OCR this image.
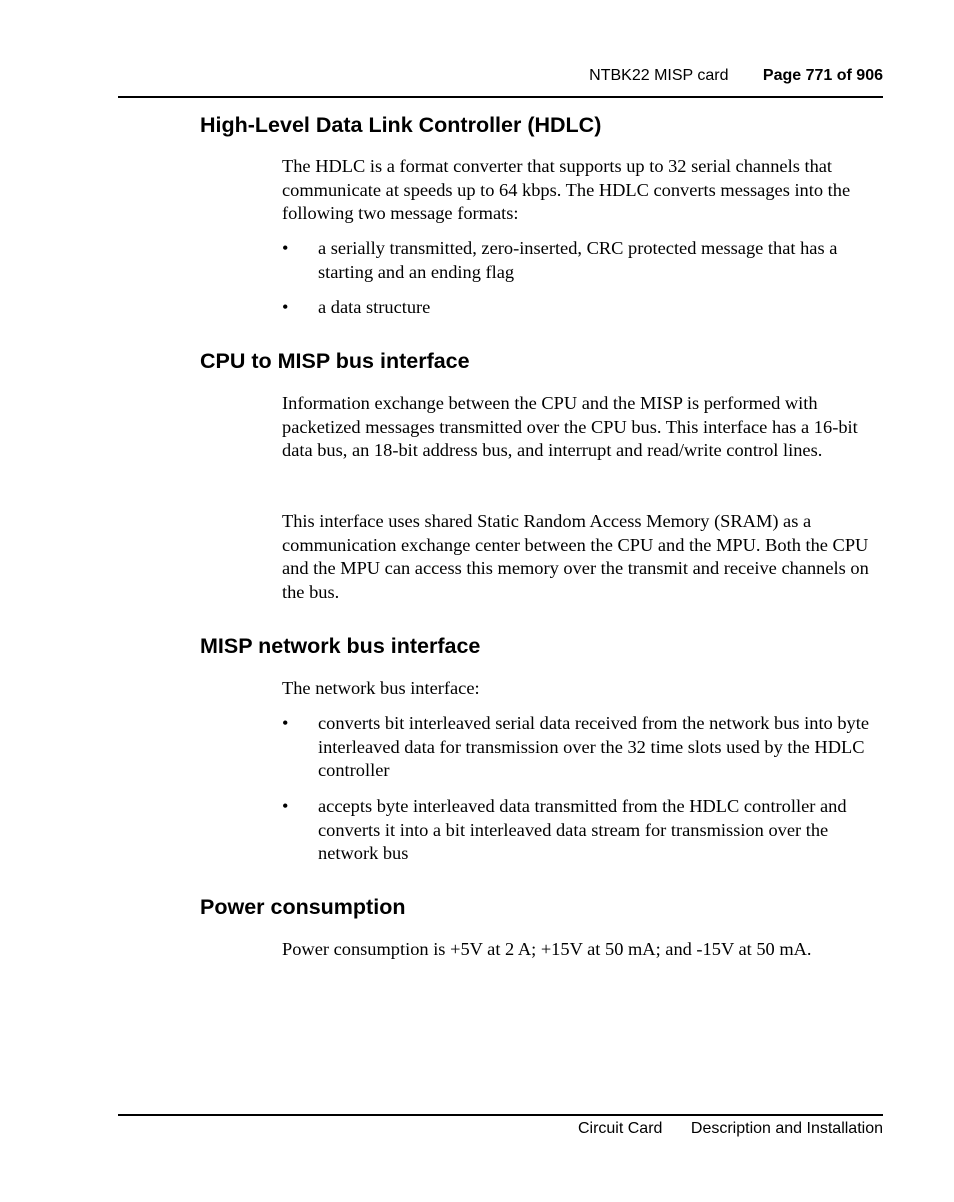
NTBK22 MISP card Page 771 of 906
High-Level Data Link Controller (HDLC)

The HDLC is a format converter that supports up to 32 serial channels that communicate at speeds up to 64 kbps. The HDLC converts messages into the following two message formats:

• a serially transmitted, zero-inserted, CRC protected message that has a starting and an ending flag
• a data structure
CPU to MISP bus interface

Information exchange between the CPU and the MISP is performed with packetized messages transmitted over the CPU bus. This interface has a 16-bit data bus, an 18-bit address bus, and interrupt and read/write control lines.

This interface uses shared Static Random Access Memory (SRAM) as a communication exchange center between the CPU and the MPU. Both the CPU and the MPU can access this memory over the transmit and receive channels on the bus.

MISP network bus interface

The network bus interface:

• converts bit interleaved serial data received from the network bus into byte interleaved data for transmission over the 32 time slots used by the HDLC controller
• accepts byte interleaved data transmitted from the HDLC controller and converts it into a bit interleaved data stream for transmission over the network bus
Power consumption

Power consumption is +5V at 2 A; +15V at 50 mA; and -15V at 50 mA.

Circuit Card Description and Installation
